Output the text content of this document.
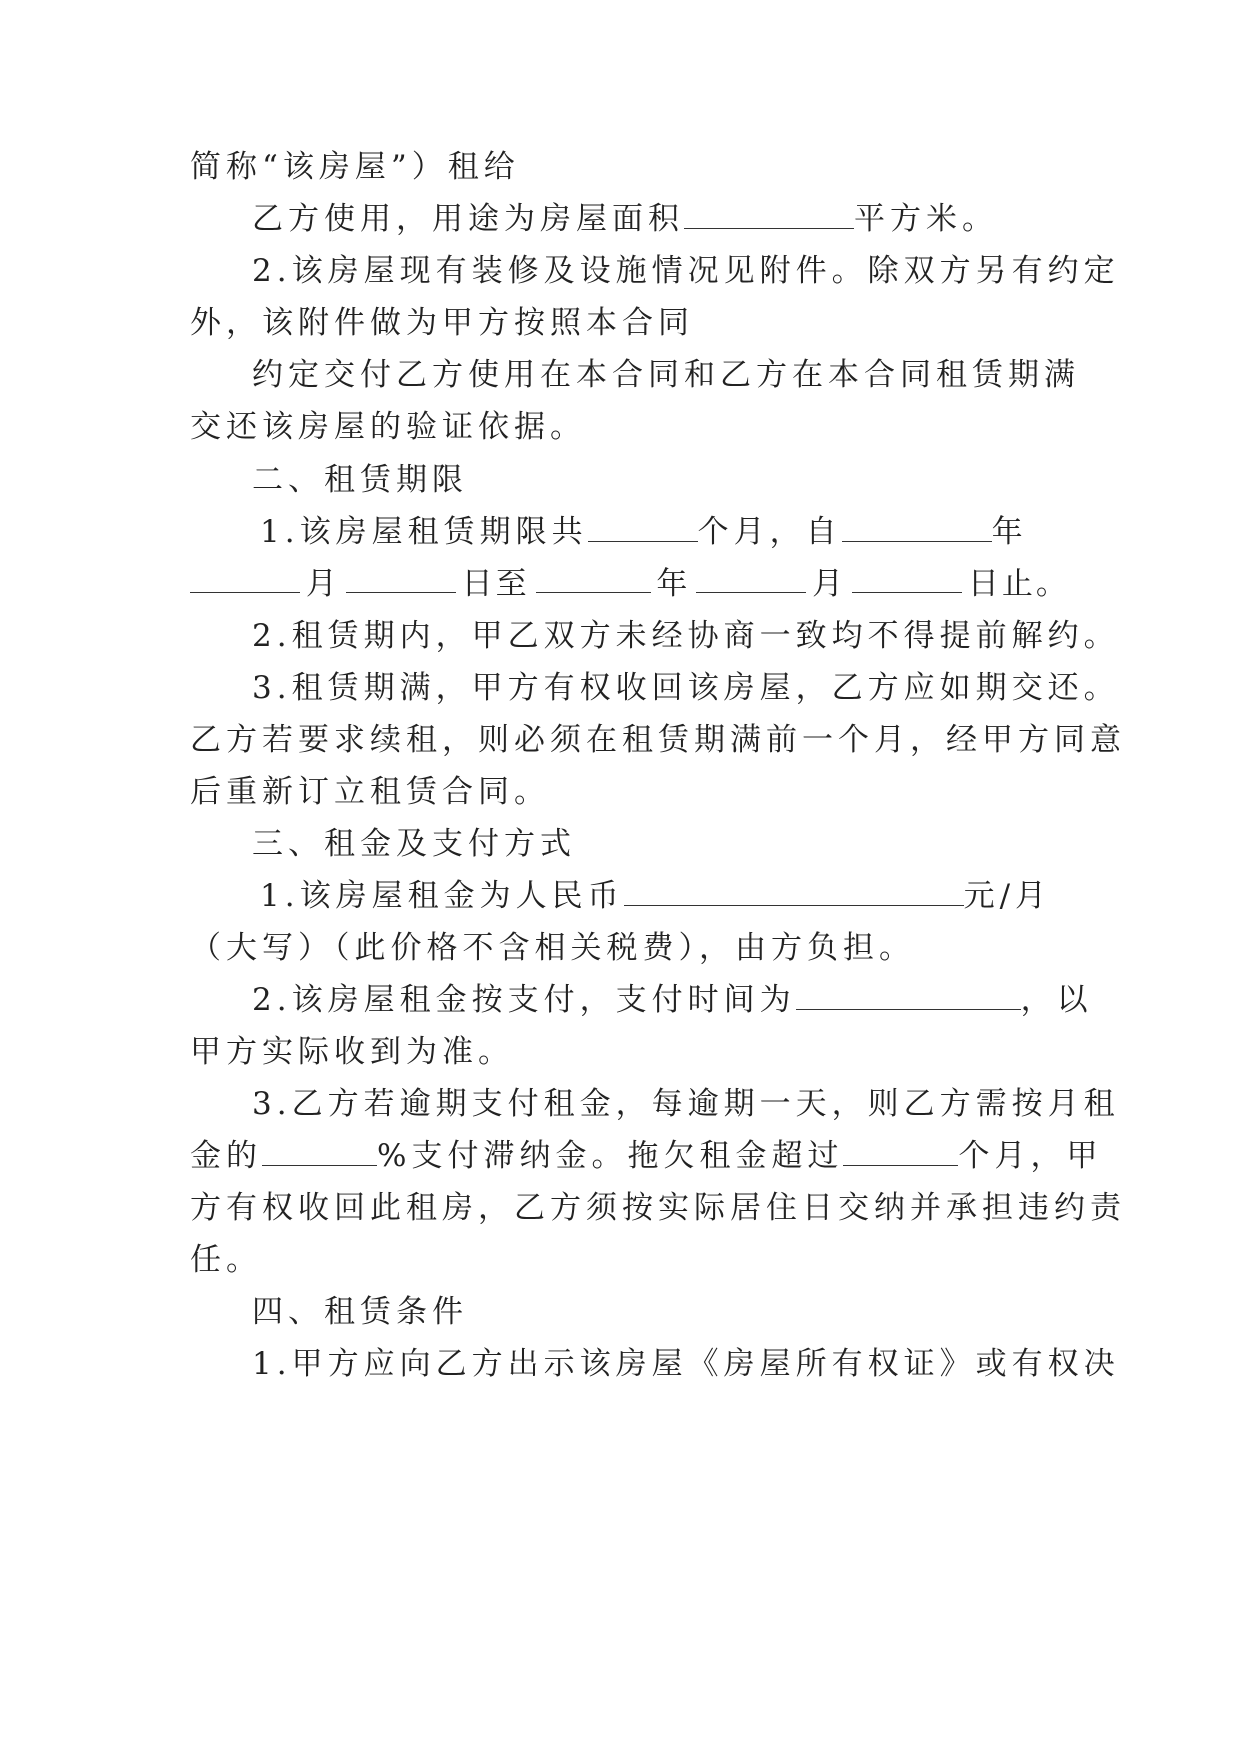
简称“该房屋”）租给
乙方使用，用途为房屋面积	平方米。
2.该房屋现有装修及设施情况见附件。除双方另有约定
外，该附件做为甲方按照本合同
约定交付乙方使用在本合同和乙方在本合同租赁期满
交还该房屋的验证依据。
二、租赁期限
1.该房屋租赁期限共	个月，自	年
月	日至	年	月	日止。
2.租赁期内，甲乙双方未经协商一致均不得提前解约。
3.租赁期满，甲方有权收回该房屋，乙方应如期交还。
乙方若要求续租，则必须在租赁期满前一个月，经甲方同意
后重新订立租赁合同。
三、租金及支付方式
1.该房屋租金为人民币	元/月
（大写）（此价格不含相关税费），由方负担。
2.该房屋租金按支付，支付时间为	，以
甲方实际收到为准。
3.乙方若逾期支付租金，每逾期一天，则乙方需按月租
金的	%支付滞纳金。拖欠租金超过	个月，甲
方有权收回此租房，乙方须按实际居住日交纳并承担违约责
任。
四、租赁条件
1.甲方应向乙方出示该房屋《房屋所有权证》或有权决
